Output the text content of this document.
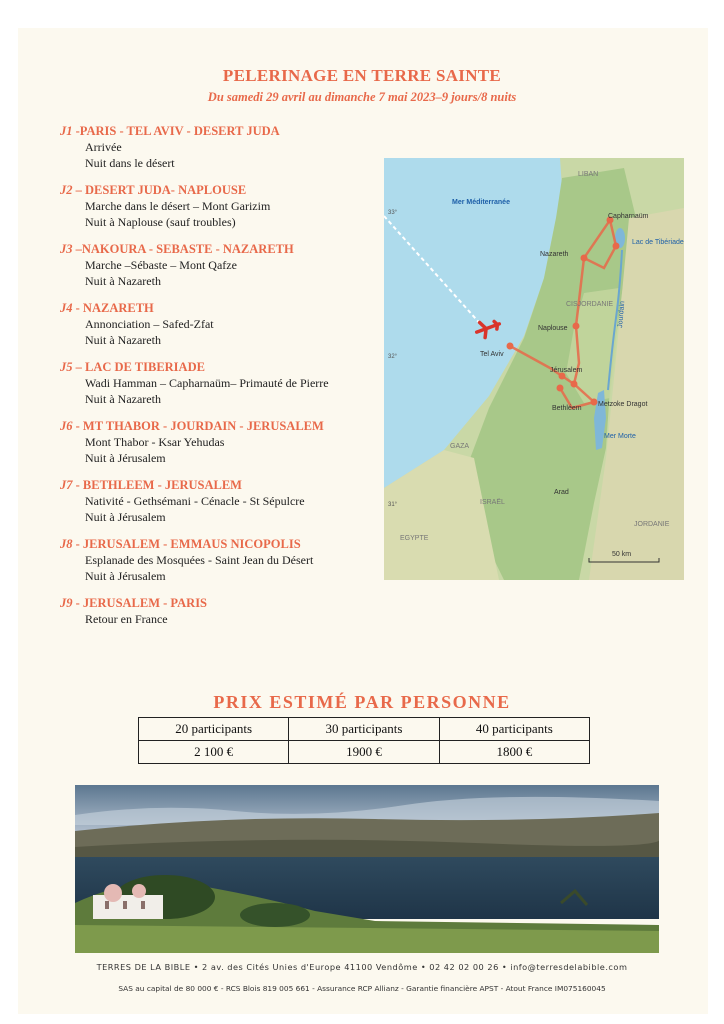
PELERINAGE EN TERRE SAINTE
Du samedi 29 avril au dimanche 7 mai 2023–9 jours/8 nuits
J1 -PARIS - TEL AVIV - DESERT JUDA
Arrivée
Nuit dans le désert
J2 – DESERT JUDA- NAPLOUSE
Marche dans le désert – Mont Garizim
Nuit à Naplouse (sauf troubles)
J3 –NAKOURA - SEBASTE - NAZARETH
Marche –Sébaste – Mont Qafze
Nuit à Nazareth
J4 - NAZARETH
Annonciation – Safed-Zfat
Nuit à Nazareth
J5 – LAC DE TIBERIADE
Wadi Hamman – Capharnaüm– Primauté de Pierre
Nuit à Nazareth
J6 - MT THABOR - JOURDAIN - JERUSALEM
Mont Thabor - Ksar Yehudas
Nuit à Jérusalem
J7 - BETHLEEM - JERUSALEM
Nativité - Gethsémani - Cénacle - St Sépulcre
Nuit à Jérusalem
J8 - JERUSALEM - EMMAUS NICOPOLIS
Esplanade des Mosquées - Saint Jean du Désert
Nuit à Jérusalem
J9 - JERUSALEM - PARIS
Retour en France
33°
32°
31°
Mer Méditerranée
LIBAN
Capharnaüm
Lac de Tibériade
Nazareth
CISJORDANIE
Naplouse
Jourdain
Tel Aviv
Jérusalem
Bethléem
Metzoke Dragot
Mer Morte
GAZA
ISRAËL
Arad
EGYPTE
JORDANIE
50 km
PRIX ESTIMÉ PAR PERSONNE
20 participants	30 participants	40 participants
2 100 €	1900 €	1800 €
TERRES DE LA BIBLE • 2 av. des Cités Unies d'Europe 41100 Vendôme • 02 42 02 00 26 • info@terresdelabible.com
SAS au capital de 80 000 € - RCS Blois 819 005 661 - Assurance RCP Allianz - Garantie financière APST - Atout France IM075160045
